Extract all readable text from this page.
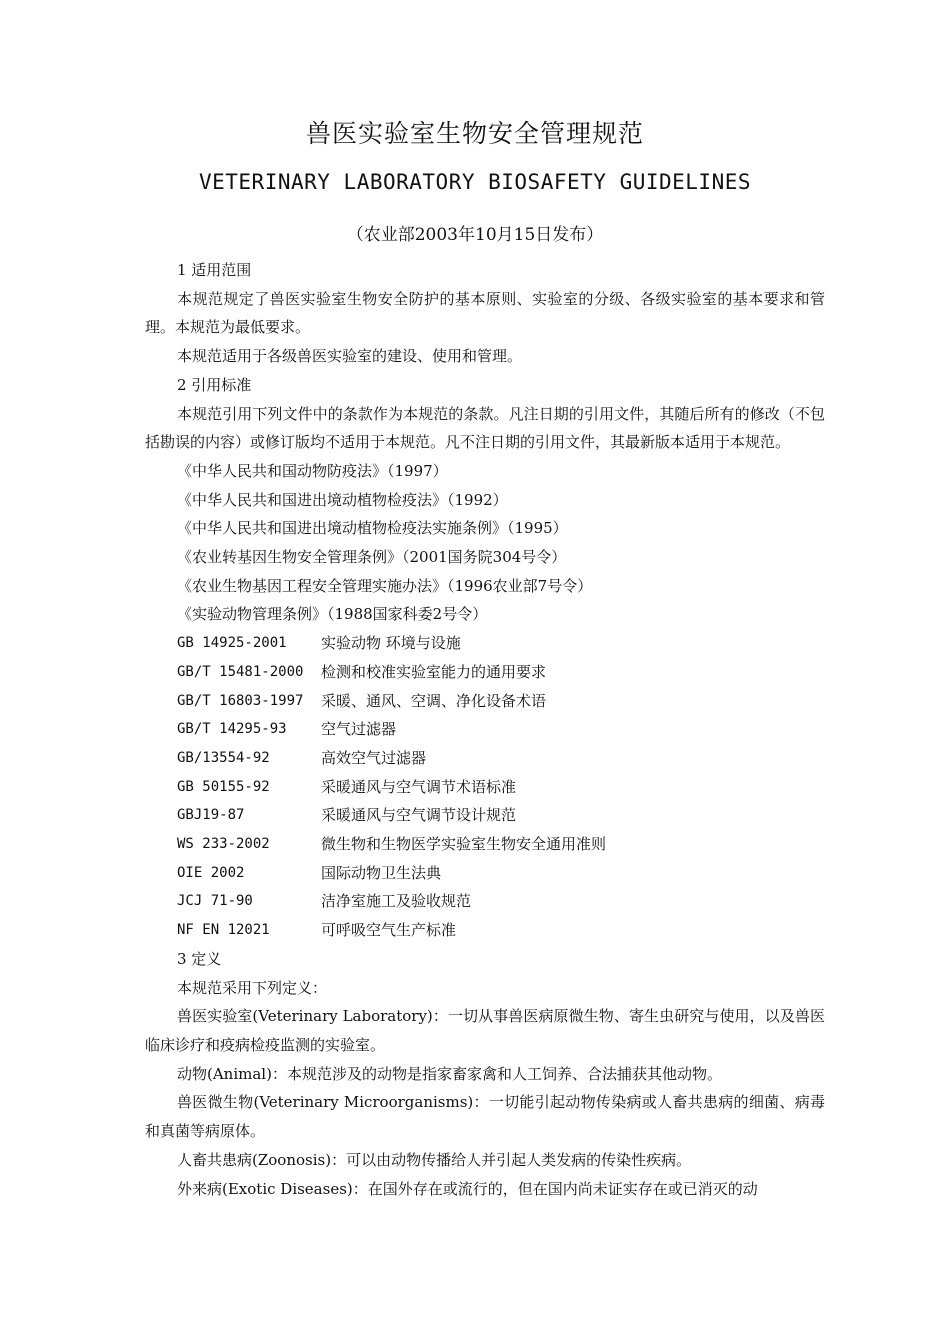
兽医实验室生物安全管理规范
VETERINARY LABORATORY BIOSAFETY GUIDELINES
（农业部2003年10月15日发布）

1 适用范围

本规范规定了兽医实验室生物安全防护的基本原则、实验室的分级、各级实验室的基本要求和管理。本规范为最低要求。

本规范适用于各级兽医实验室的建设、使用和管理。

2 引用标准

本规范引用下列文件中的条款作为本规范的条款。凡注日期的引用文件，其随后所有的修改（不包括勘误的内容）或修订版均不适用于本规范。凡不注日期的引用文件，其最新版本适用于本规范。

《中华人民共和国动物防疫法》（1997）
《中华人民共和国进出境动植物检疫法》（1992）
《中华人民共和国进出境动植物检疫法实施条例》（1995）
《农业转基因生物安全管理条例》（2001国务院304号令）
《农业生物基因工程安全管理实施办法》（1996农业部7号令）
《实验动物管理条例》（1988国家科委2号令）
GB 14925-2001	实验动物 环境与设施
GB/T 15481-2000	检测和校准实验室能力的通用要求
GB/T 16803-1997	采暖、通风、空调、净化设备术语
GB/T 14295-93	空气过滤器
GB/13554-92	高效空气过滤器
GB 50155-92	采暖通风与空气调节术语标准
GBJ19-87	采暖通风与空气调节设计规范
WS 233-2002	微生物和生物医学实验室生物安全通用准则
OIE 2002	国际动物卫生法典
JCJ 71-90	洁净室施工及验收规范
NF EN 12021	可呼吸空气生产标准

3 定义

本规范采用下列定义：

兽医实验室(Veterinary Laboratory)：一切从事兽医病原微生物、寄生虫研究与使用，以及兽医临床诊疗和疫病检疫监测的实验室。

动物(Animal)：本规范涉及的动物是指家畜家禽和人工饲养、合法捕获其他动物。

兽医微生物(Veterinary Microorganisms)：一切能引起动物传染病或人畜共患病的细菌、病毒和真菌等病原体。

人畜共患病(Zoonosis)：可以由动物传播给人并引起人类发病的传染性疾病。

外来病(Exotic Diseases)：在国外存在或流行的，但在国内尚未证实存在或已消灭的动
